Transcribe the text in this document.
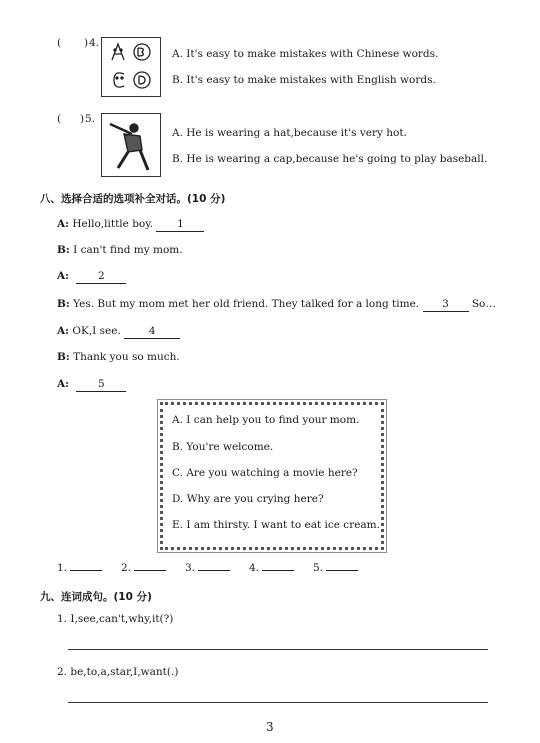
( ) 4.
A. It's easy to make mistakes with Chinese words.
B. It's easy to make mistakes with English words.
( ) 5.
A. He is wearing a hat,because it's very hot.
B. He is wearing a cap,because he's going to play baseball.
八、选择合适的选项补全对话。(10 分)
A: Hello,little boy. 1
B: I can't find my mom.
A:	2
B: Yes. But my mom met her old friend. They talked for a long time. 3 So…
A: OK,I see.	4
B: Thank you so much.
A:	5
A. I can help you to find your mom.
B. You're welcome.
C. Are you watching a movie here?
D. Why are you crying here?
E. I am thirsty. I want to eat ice cream.
1.	2.	3.	4.	5.
九、连词成句。(10 分)
1. I,see,can't,why,it(?)
2. be,to,a,star,I,want(.)
3
